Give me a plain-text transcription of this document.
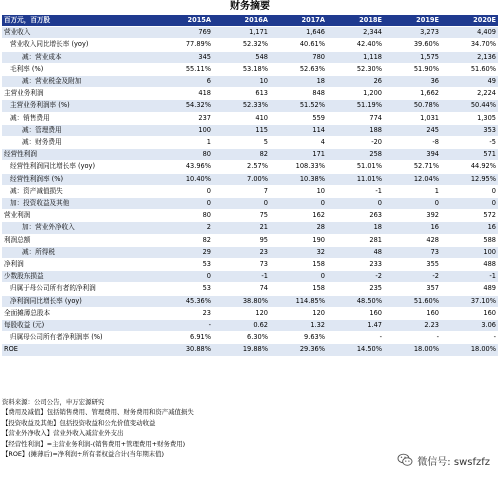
财务摘要
百万元，百万股	2015A	2016A	2017A	2018E	2019E	2020E
营业收入	769	1,171	1,646	2,344	3,273	4,409
营业收入同比增长率 (yoy)	77.89%	52.32%	40.61%	42.40%	39.60%	34.70%
减：营业成本	345	548	780	1,118	1,575	2,136
毛利率 (%)	55.11%	53.18%	52.63%	52.30%	51.90%	51.60%
减：营业税金及附加	6	10	18	26	36	49
主营业务利润	418	613	848	1,200	1,662	2,224
主营业务利润率 (%)	54.32%	52.33%	51.52%	51.19%	50.78%	50.44%
减：销售费用	237	410	559	774	1,031	1,305
减：管理费用	100	115	114	188	245	353
减：财务费用	1	5	4	-20	-8	-5
经营性利润	80	82	171	258	394	571
经营性利润同比增长率 (yoy)	43.96%	2.57%	108.33%	51.01%	52.71%	44.92%
经营性利润率 (%)	10.40%	7.00%	10.38%	11.01%	12.04%	12.95%
减：资产减值损失	0	7	10	-1	1	0
加：投资收益及其他	0	0	0	0	0	0
营业利润	80	75	162	263	392	572
加：营业外净收入	2	21	28	18	16	16
利润总额	82	95	190	281	428	588
减：所得税	29	23	32	48	73	100
净利润	53	73	158	233	355	488
少数股东损益	0	-1	0	-2	-2	-1
归属于母公司所有者的净利润	53	74	158	235	357	489
净利润同比增长率 (yoy)	45.36%	38.80%	114.85%	48.50%	51.60%	37.10%
全面摊薄总股本	23	120	120	160	160	160
每股收益 (元)	-	0.62	1.32	1.47	2.23	3.06
归属母公司所有者净利润率 (%)	6.91%	6.30%	9.63%	-	-	-
ROE	30.88%	19.88%	29.36%	14.50%	18.00%	18.00%
资料来源：公司公告，申万宏源研究
【费用及减值】包括销售费用、管理费用、财务费用和资产减值损失
【投资收益及其他】包括投资收益和公允价值变动收益
【营业外净收入】营业外收入减营业外支出
【经营性利润】=主营业务利润-(销售费用+管理费用+财务费用)
【ROE】(摊薄后)=净利润÷所有者权益合计(当年期末值)
微信号: swsfzfz
